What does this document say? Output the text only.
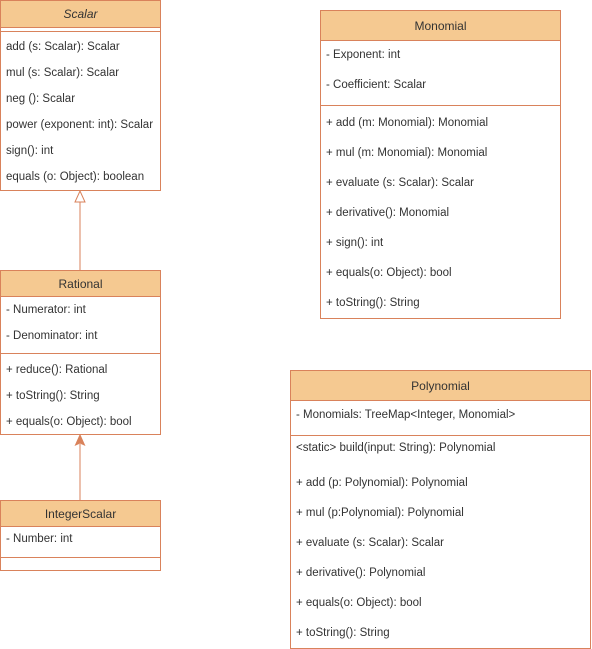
Scalar
add (s: Scalar): Scalar
mul (s: Scalar): Scalar
neg (): Scalar
power (exponent: int): Scalar
sign(): int
equals (o: Object): boolean
Rational
- Numerator: int
- Denominator: int
+ reduce(): Rational
+ toString(): String
+ equals(o: Object): bool
IntegerScalar
- Number: int
Monomial
- Exponent: int
- Coefficient: Scalar
+ add (m: Monomial): Monomial
+ mul (m: Monomial): Monomial
+ evaluate (s: Scalar): Scalar
+ derivative(): Monomial
+ sign(): int
+ equals(o: Object): bool
+ toString(): String
Polynomial
- Monomials: TreeMap<Integer, Monomial>
<static> build(input: String): Polynomial
+ add (p: Polynomial): Polynomial
+ mul (p:Polynomial): Polynomial
+ evaluate (s: Scalar): Scalar
+ derivative(): Polynomial
+ equals(o: Object): bool
+ toString(): String
